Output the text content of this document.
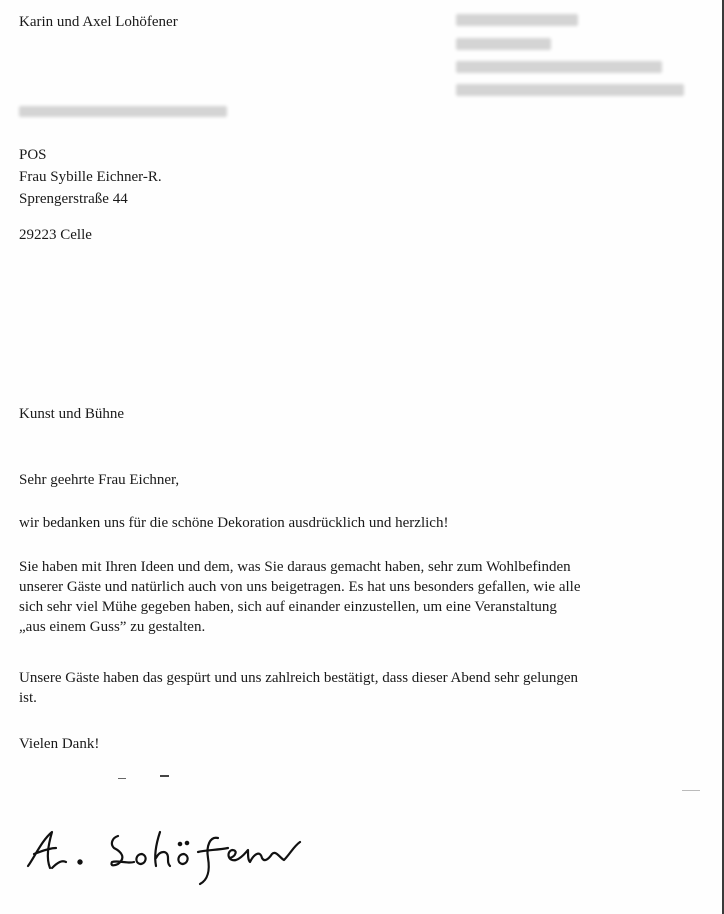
Karin und Axel Lohöfener
POS
Frau Sybille Eichner-R.
Sprengerstraße 44
29223 Celle
Kunst und Bühne
Sehr geehrte Frau Eichner,
wir bedanken uns für die schöne Dekoration ausdrücklich und herzlich!
Sie haben mit Ihren Ideen und dem, was Sie daraus gemacht haben, sehr zum Wohlbefinden
unserer Gäste und natürlich auch von uns beigetragen. Es hat uns besonders gefallen, wie alle
sich sehr viel Mühe gegeben haben, sich auf einander einzustellen, um eine Veranstaltung
„aus einem Guss” zu gestalten.
Unsere Gäste haben das gespürt und uns zahlreich bestätigt, dass dieser Abend sehr gelungen
ist.
Vielen Dank!
